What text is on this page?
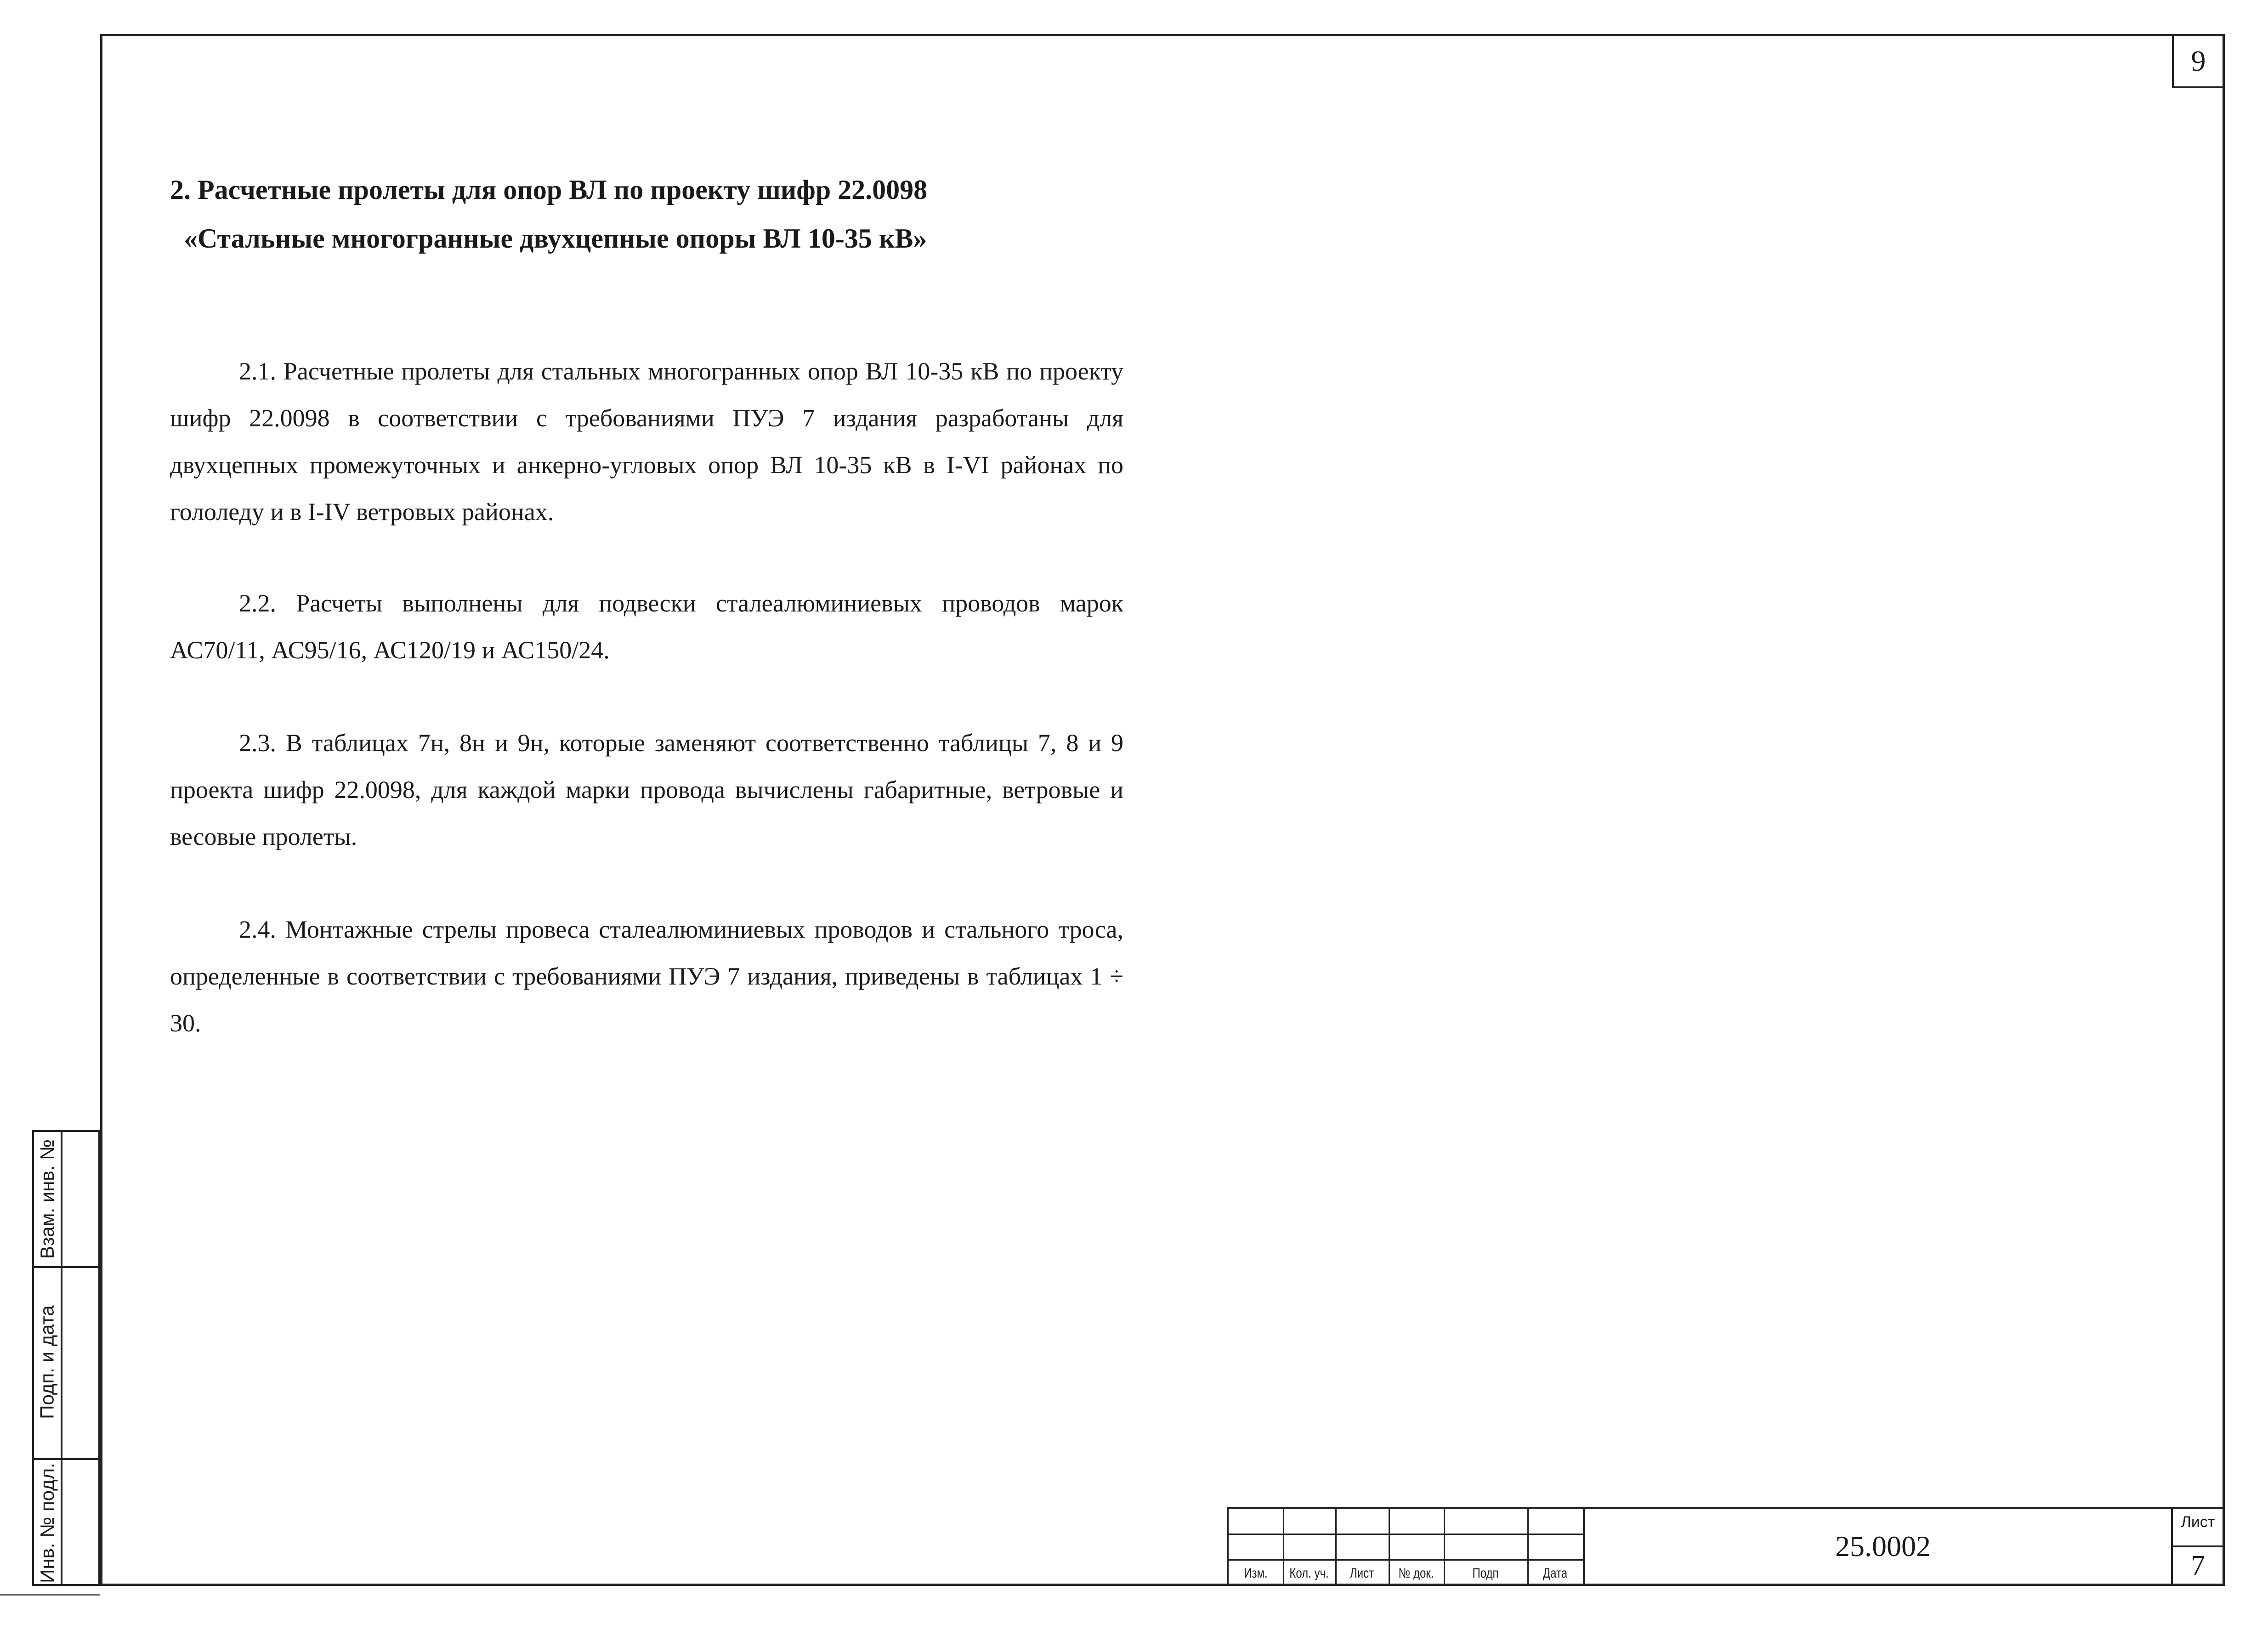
9
Взам. инв. №
Подп. и дата
Инв. № подл.
2. Расчетные пролеты для опор ВЛ по проекту шифр 22.0098
«Стальные многогранные двухцепные опоры ВЛ 10-35 кВ»
2.1. Расчетные пролеты для стальных многогранных опор ВЛ 10-35 кВ по проекту шифр 22.0098 в соответствии с требованиями ПУЭ 7 издания разработаны для двухцепных промежуточных и анкерно-угловых опор ВЛ 10-35 кВ в I-VI районах по гололеду и в I-IV ветровых районах.
2.2. Расчеты выполнены для подвески сталеалюминиевых проводов марок АС70/11, АС95/16, АС120/19 и АС150/24.
2.3. В таблицах 7н, 8н и 9н, которые заменяют соответственно таблицы 7, 8 и 9 проекта шифр 22.0098, для каждой марки провода вычислены габаритные, ветровые и весовые пролеты.
2.4. Монтажные стрелы провеса сталеалюминиевых проводов и стального троса, определенные в соответствии с требованиями ПУЭ 7 издания, приведены в таблицах 1 ÷ 30.
Изм.	Кол. уч.	Лист	№ док.	Подп	Дата
25.0002
Лист
7
